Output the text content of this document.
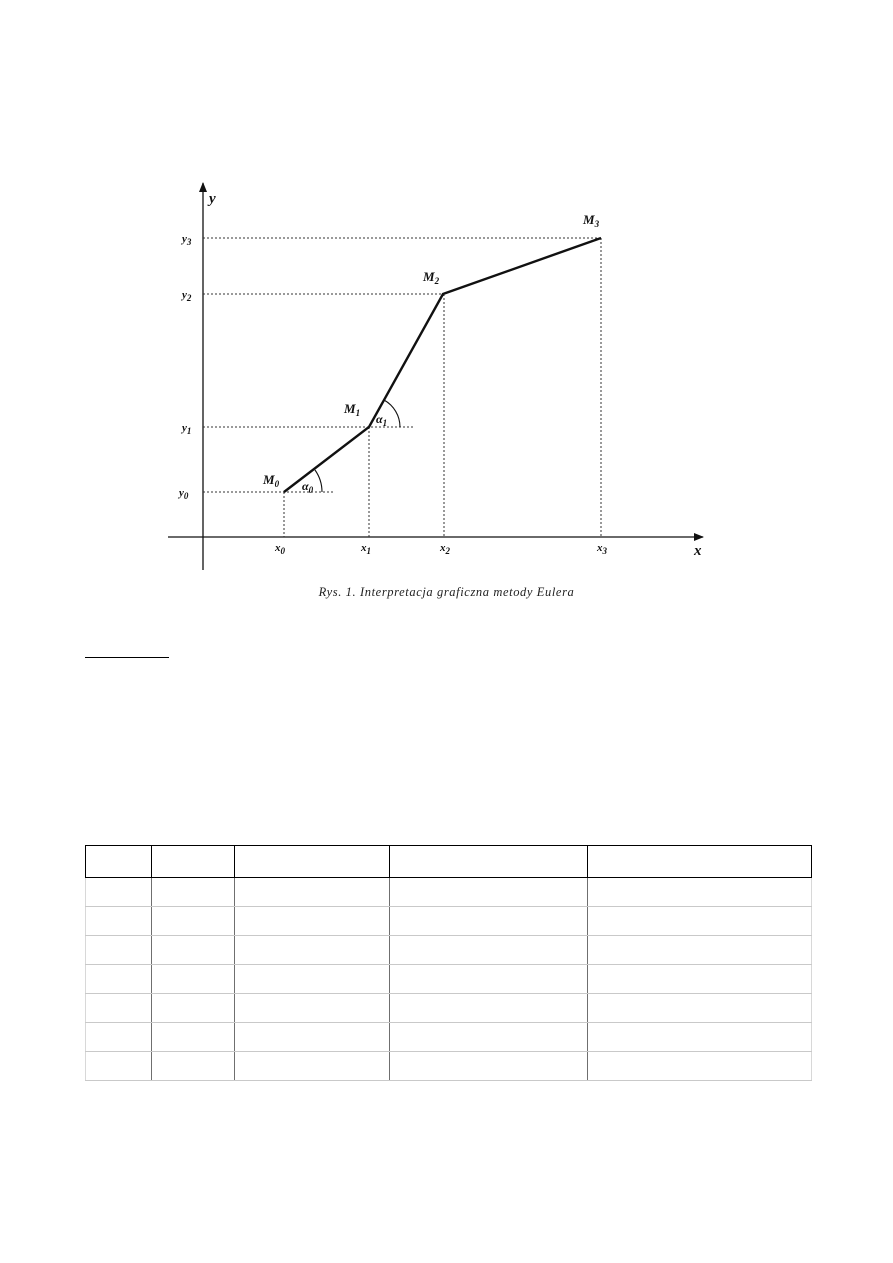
y
x
$M_0$
$M_1$
$M_2$
$M_3$
$\alpha_0$
$\alpha_1$
$y_3$
$y_2$
$y_1$
$y_0$
$x_0$	$x_1$	$x_2$	$x_3$
Rys. 1. Interpretacja graficzna metody Eulera
